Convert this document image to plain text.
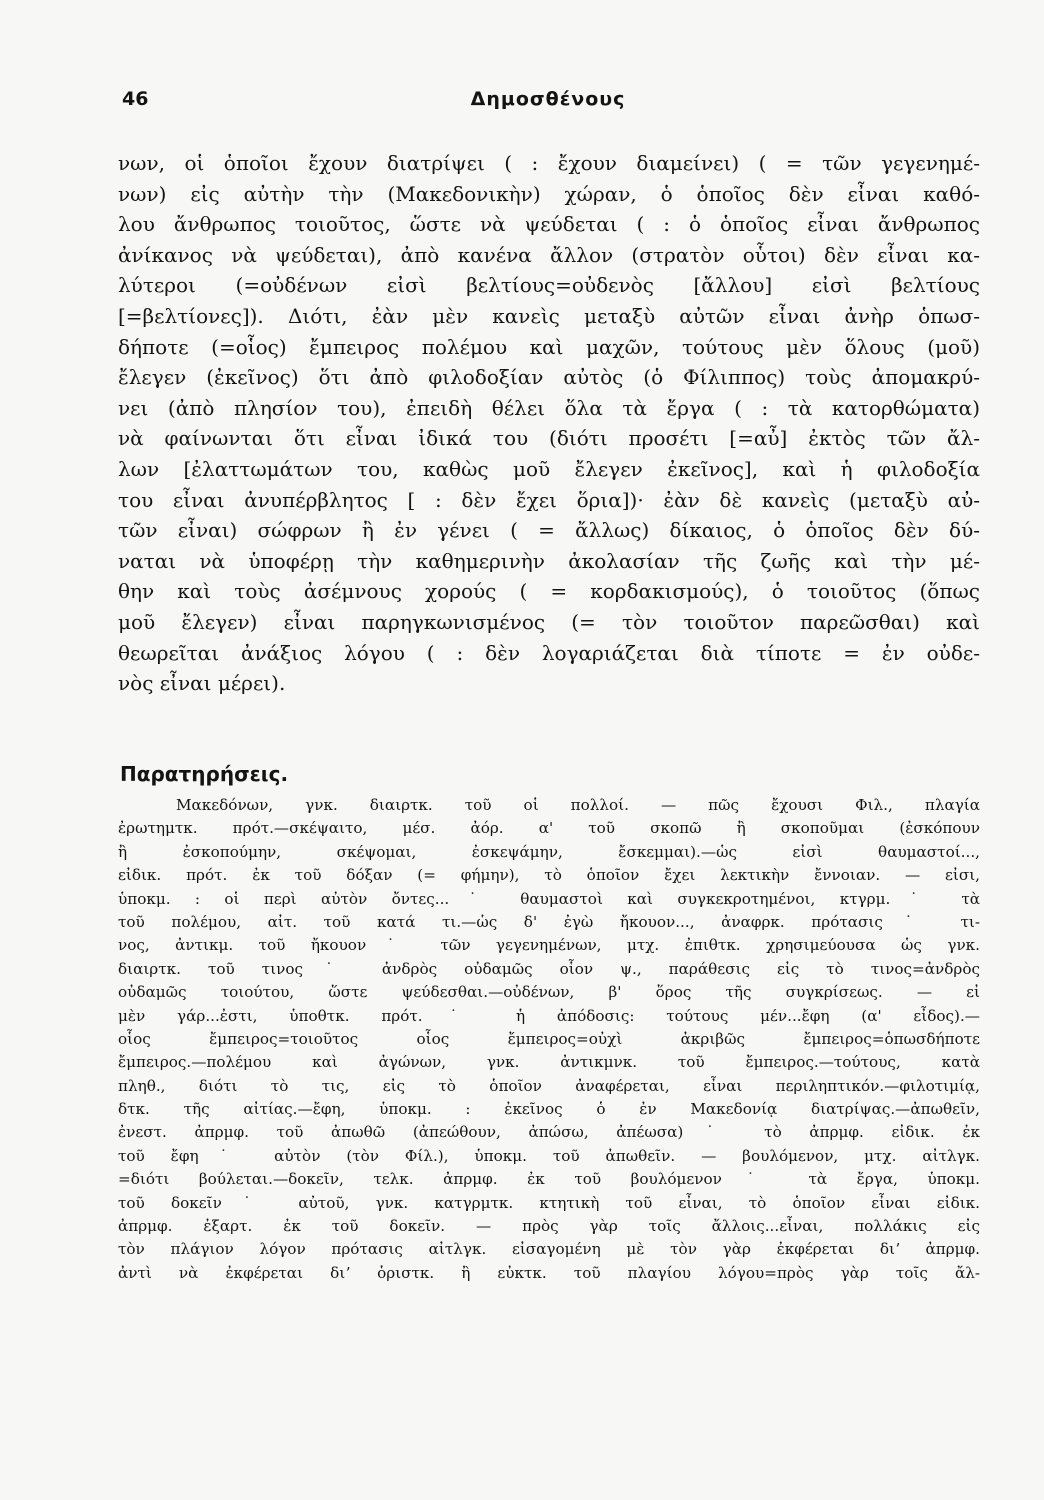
46	Δημοσθένους
νων, οἱ ὁποῖοι ἔχουν διατρίψει ( : ἔχουν διαμείνει) ( = τῶν γεγενημέ-
νων) εἰς αὐτὴν τὴν (Μακεδονικὴν) χώραν, ὁ ὁποῖος δὲν εἶναι καθό-
λου ἄνθρωπος τοιοῦτος, ὥστε νὰ ψεύδεται ( : ὁ ὁποῖος εἶναι ἄνθρωπος
ἀνίκανος νὰ ψεύδεται), ἀπὸ κανένα ἄλλον (στρατὸν οὗτοι) δὲν εἶναι κα-
λύτεροι (=οὐδένων εἰσὶ βελτίους=οὐδενὸς [ἄλλου] εἰσὶ βελτίους
[=βελτίονες]). Διότι, ἐὰν μὲν κανεὶς μεταξὺ αὐτῶν εἶναι ἀνὴρ ὁπωσ-
δήποτε (=οἷος) ἔμπειρος πολέμου καὶ μαχῶν, τούτους μὲν ὅλους (μοῦ)
ἔλεγεν (ἐκεῖνος) ὅτι ἀπὸ φιλοδοξίαν αὐτὸς (ὁ Φίλιππος) τοὺς ἀπομακρύ-
νει (ἀπὸ πλησίον του), ἐπειδὴ θέλει ὅλα τὰ ἔργα ( : τὰ κατορθώματα)
νὰ φαίνωνται ὅτι εἶναι ἰδικά του (διότι προσέτι [=αὖ] ἐκτὸς τῶν ἄλ-
λων [ἐλαττωμάτων του, καθὼς μοῦ ἔλεγεν ἐκεῖνος], καὶ ἡ φιλοδοξία
του εἶναι ἀνυπέρβλητος [ : δὲν ἔχει ὅρια])· ἐὰν δὲ κανεὶς (μεταξὺ αὐ-
τῶν εἶναι) σώφρων ἢ ἐν γένει ( = ἄλλως) δίκαιος, ὁ ὁποῖος δὲν δύ-
ναται νὰ ὑποφέρῃ τὴν καθημερινὴν ἀκολασίαν τῆς ζωῆς καὶ τὴν μέ-
θην καὶ τοὺς ἀσέμνους χορούς ( = κορδακισμούς), ὁ τοιοῦτος (ὅπως
μοῦ ἔλεγεν) εἶναι παρηγκωνισμένος (= τὸν τοιοῦτον παρεῶσθαι) καὶ
θεωρεῖται ἀνάξιος λόγου ( : δὲν λογαριάζεται διὰ τίποτε = ἐν οὐδε-
νὸς εἶναι μέρει).
Παρατηρήσεις.
Μακεδόνων, γνκ. διαιρτκ. τοῦ οἱ πολλοί. — πῶς ἔχουσι Φιλ., πλαγία
ἐρωτημτκ. πρότ.—σκέψαιτο, μέσ. ἀόρ. α' τοῦ σκοπῶ ἢ σκοποῦμαι (ἐσκόπουν
ἢ ἐσκοπούμην, σκέψομαι, ἐσκεψάμην, ἔσκεμμαι).—ὡς εἰσὶ θαυμαστοί...,
εἰδικ. πρότ. ἐκ τοῦ δόξαν (= φήμην), τὸ ὁποῖον ἔχει λεκτικὴν ἔννοιαν. — εἰσι,
ὑποκμ. : οἱ περὶ αὐτὸν ὄντες...˙ θαυμαστοὶ καὶ συγκεκροτημένοι, κτγρμ.˙ τὰ
τοῦ πολέμου, αἰτ. τοῦ κατά τι.—ὡς δ' ἐγὼ ἤκουον..., ἀναφρκ. πρότασις˙ τι-
νος, ἀντικμ. τοῦ ἤκουον˙ τῶν γεγενημένων, μτχ. ἐπιθτκ. χρησιμεύουσα ὡς γνκ.
διαιρτκ. τοῦ τινος˙ ἀνδρὸς οὐδαμῶς οἷον ψ., παράθεσις εἰς τὸ τινος=ἀνδρὸς
οὐδαμῶς τοιούτου, ὥστε ψεύδεσθαι.—οὐδένων, β' ὅρος τῆς συγκρίσεως. — εἰ
μὲν γάρ...ἐστι, ὑποθτκ. πρότ.˙ ἡ ἀπόδοσις: τούτους μέν...ἔφη (α' εἶδος).—
οἷος ἔμπειρος=τοιοῦτος οἷος ἔμπειρος=οὐχὶ ἀκριβῶς ἔμπειρος=ὁπωσδήποτε
ἔμπειρος.—πολέμου καὶ ἀγώνων, γνκ. ἀντικμνκ. τοῦ ἔμπειρος.—τούτους, κατὰ
πληθ., διότι τὸ τις, εἰς τὸ ὁποῖον ἀναφέρεται, εἶναι περιληπτικόν.—φιλοτιμίᾳ,
δτκ. τῆς αἰτίας.—ἔφη, ὑποκμ. : ἐκεῖνος ὁ ἐν Μακεδονίᾳ διατρίψας.—ἀπωθεῖν,
ἐνεστ. ἀπρμφ. τοῦ ἀπωθῶ (ἀπεώθουν, ἀπώσω, ἀπέωσα)˙ τὸ ἀπρμφ. εἰδικ. ἐκ
τοῦ ἔφη˙ αὐτὸν (τὸν Φίλ.), ὑποκμ. τοῦ ἀπωθεῖν. — βουλόμενον, μτχ. αἰτλγκ.
=διότι βούλεται.—δοκεῖν, τελκ. ἀπρμφ. ἐκ τοῦ βουλόμενον˙ τὰ ἔργα, ὑποκμ.
τοῦ δοκεῖν˙ αὐτοῦ, γνκ. κατγρμτκ. κτητικὴ τοῦ εἶναι, τὸ ὁποῖον εἶναι εἰδικ.
ἀπρμφ. ἐξαρτ. ἐκ τοῦ δοκεῖν. — πρὸς γὰρ τοῖς ἄλλοις...εἶναι, πολλάκις εἰς
τὸν πλάγιον λόγον πρότασις αἰτλγκ. εἰσαγομένη μὲ τὸν γὰρ ἐκφέρεται διʼ ἀπρμφ.
ἀντὶ νὰ ἐκφέρεται διʼ ὁριστκ. ἢ εὐκτκ. τοῦ πλαγίου λόγου=πρὸς γὰρ τοῖς ἄλ-
